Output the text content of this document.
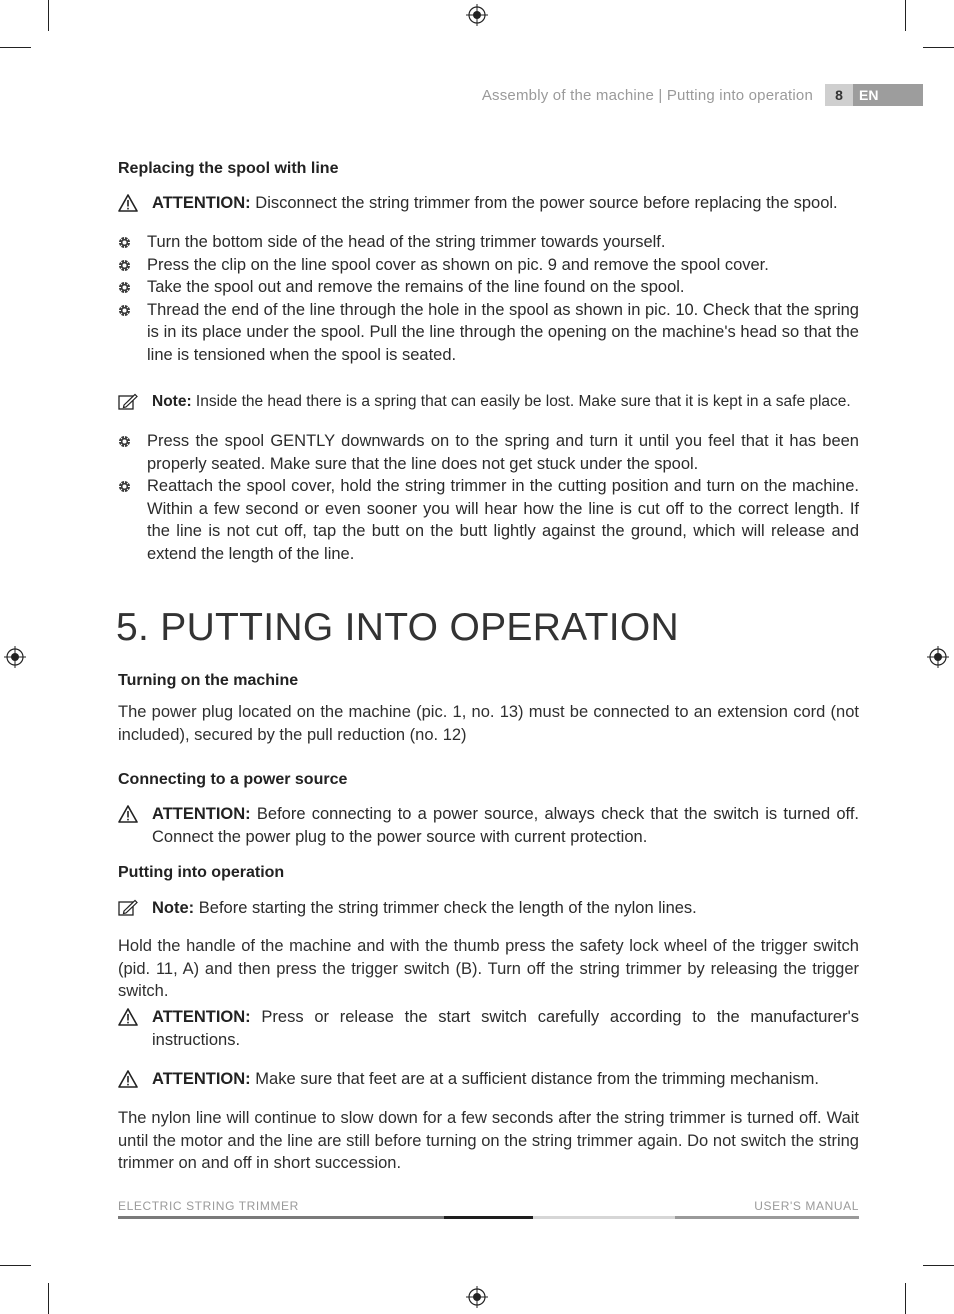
Assembly of the machine | Putting into operation	8	EN
Replacing the spool with line
ATTENTION: Disconnect the string trimmer from the power source before replacing the spool.
Turn the bottom side of the head of the string trimmer towards yourself.
Press the clip on the line spool cover as shown on pic. 9 and remove the spool cover.
Take the spool out and remove the remains of the line found on the spool.
Thread the end of the line through the hole in the spool as shown in pic. 10. Check that the spring is in its place under the spool. Pull the line through the opening on the machine's head so that the line is tensioned when the spool is seated.
Note: Inside the head there is a spring that can easily be lost. Make sure that it is kept in a safe place.
Press the spool GENTLY downwards on to the spring and turn it until you feel that it has been properly seated. Make sure that the line does not get stuck under the spool.
Reattach the spool cover, hold the string trimmer in the cutting position and turn on the machine. Within a few second or even sooner you will hear how the line is cut off to the correct length. If the line is not cut off, tap the butt on the butt lightly against the ground, which will release and extend the length of the line.
5. PUTTING INTO OPERATION
Turning on the machine
The power plug located on the machine (pic. 1, no. 13) must be connected to an extension cord (not included), secured by the pull reduction (no. 12)
Connecting to a power source
ATTENTION: Before connecting to a power source, always check that the switch is turned off. Connect the power plug to the power source with current protection.
Putting into operation
Note: Before starting the string trimmer check the length of the nylon lines.
Hold the handle of the machine and with the thumb press the safety lock wheel of the trigger switch (pid. 11, A) and then press the trigger switch (B). Turn off the string trimmer by releasing the trigger switch.
ATTENTION: Press or release the start switch carefully according to the manufacturer's instructions.
ATTENTION: Make sure that feet are at a sufficient distance from the trimming mechanism.
The nylon line will continue to slow down for a few seconds after the string trimmer is turned off. Wait until the motor and the line are still before turning on the string trimmer again. Do not switch the string trimmer on and off in short succession.
ELECTRIC STRING TRIMMER	USER'S MANUAL
